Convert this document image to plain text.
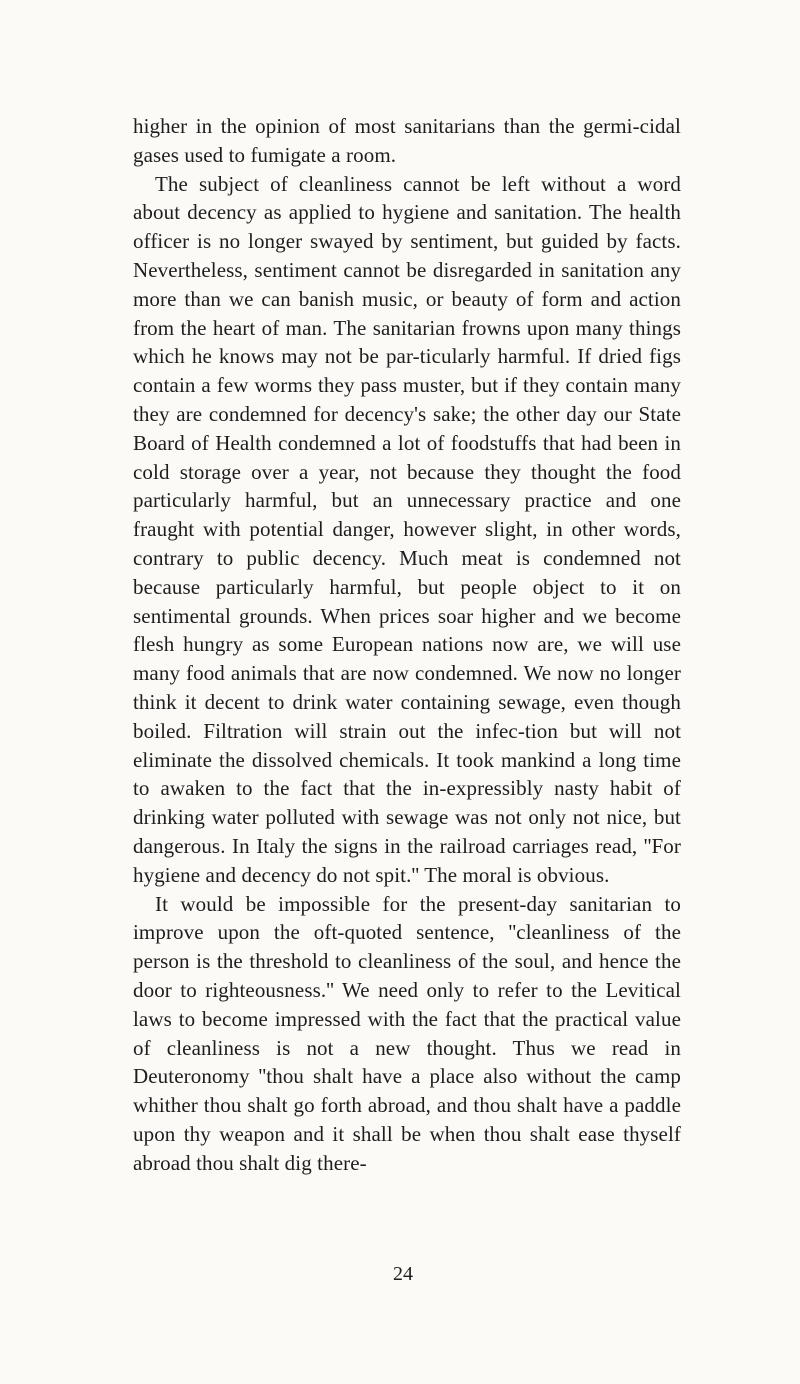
higher in the opinion of most sanitarians than the germi-cidal gases used to fumigate a room.

The subject of cleanliness cannot be left without a word about decency as applied to hygiene and sanitation. The health officer is no longer swayed by sentiment, but guided by facts. Nevertheless, sentiment cannot be disregarded in sanitation any more than we can banish music, or beauty of form and action from the heart of man. The sanitarian frowns upon many things which he knows may not be par-ticularly harmful. If dried figs contain a few worms they pass muster, but if they contain many they are condemned for decency's sake; the other day our State Board of Health condemned a lot of foodstuffs that had been in cold storage over a year, not because they thought the food particularly harmful, but an unnecessary practice and one fraught with potential danger, however slight, in other words, contrary to public decency. Much meat is condemned not because particularly harmful, but people object to it on sentimental grounds. When prices soar higher and we become flesh hungry as some European nations now are, we will use many food animals that are now condemned. We now no longer think it decent to drink water containing sewage, even though boiled. Filtration will strain out the infec-tion but will not eliminate the dissolved chemicals. It took mankind a long time to awaken to the fact that the in-expressibly nasty habit of drinking water polluted with sewage was not only not nice, but dangerous. In Italy the signs in the railroad carriages read, ''For hygiene and decency do not spit.'' The moral is obvious.

It would be impossible for the present-day sanitarian to improve upon the oft-quoted sentence, ''cleanliness of the person is the threshold to cleanliness of the soul, and hence the door to righteousness.'' We need only to refer to the Levitical laws to become impressed with the fact that the practical value of cleanliness is not a new thought. Thus we read in Deuteronomy ''thou shalt have a place also without the camp whither thou shalt go forth abroad, and thou shalt have a paddle upon thy weapon and it shall be when thou shalt ease thyself abroad thou shalt dig there-

24
